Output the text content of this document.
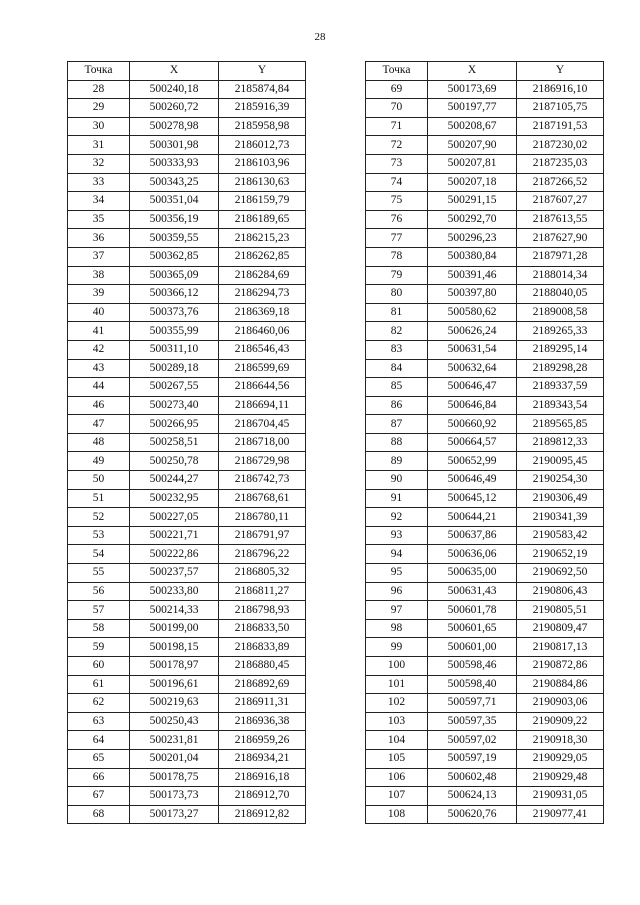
28
Точка	X	Y
28	500240,18	2185874,84
29	500260,72	2185916,39
30	500278,98	2185958,98
31	500301,98	2186012,73
32	500333,93	2186103,96
33	500343,25	2186130,63
34	500351,04	2186159,79
35	500356,19	2186189,65
36	500359,55	2186215,23
37	500362,85	2186262,85
38	500365,09	2186284,69
39	500366,12	2186294,73
40	500373,76	2186369,18
41	500355,99	2186460,06
42	500311,10	2186546,43
43	500289,18	2186599,69
44	500267,55	2186644,56
46	500273,40	2186694,11
47	500266,95	2186704,45
48	500258,51	2186718,00
49	500250,78	2186729,98
50	500244,27	2186742,73
51	500232,95	2186768,61
52	500227,05	2186780,11
53	500221,71	2186791,97
54	500222,86	2186796,22
55	500237,57	2186805,32
56	500233,80	2186811,27
57	500214,33	2186798,93
58	500199,00	2186833,50
59	500198,15	2186833,89
60	500178,97	2186880,45
61	500196,61	2186892,69
62	500219,63	2186911,31
63	500250,43	2186936,38
64	500231,81	2186959,26
65	500201,04	2186934,21
66	500178,75	2186916,18
67	500173,73	2186912,70
68	500173,27	2186912,82
Точка	X	Y
69	500173,69	2186916,10
70	500197,77	2187105,75
71	500208,67	2187191,53
72	500207,90	2187230,02
73	500207,81	2187235,03
74	500207,18	2187266,52
75	500291,15	2187607,27
76	500292,70	2187613,55
77	500296,23	2187627,90
78	500380,84	2187971,28
79	500391,46	2188014,34
80	500397,80	2188040,05
81	500580,62	2189008,58
82	500626,24	2189265,33
83	500631,54	2189295,14
84	500632,64	2189298,28
85	500646,47	2189337,59
86	500646,84	2189343,54
87	500660,92	2189565,85
88	500664,57	2189812,33
89	500652,99	2190095,45
90	500646,49	2190254,30
91	500645,12	2190306,49
92	500644,21	2190341,39
93	500637,86	2190583,42
94	500636,06	2190652,19
95	500635,00	2190692,50
96	500631,43	2190806,43
97	500601,78	2190805,51
98	500601,65	2190809,47
99	500601,00	2190817,13
100	500598,46	2190872,86
101	500598,40	2190884,86
102	500597,71	2190903,06
103	500597,35	2190909,22
104	500597,02	2190918,30
105	500597,19	2190929,05
106	500602,48	2190929,48
107	500624,13	2190931,05
108	500620,76	2190977,41
